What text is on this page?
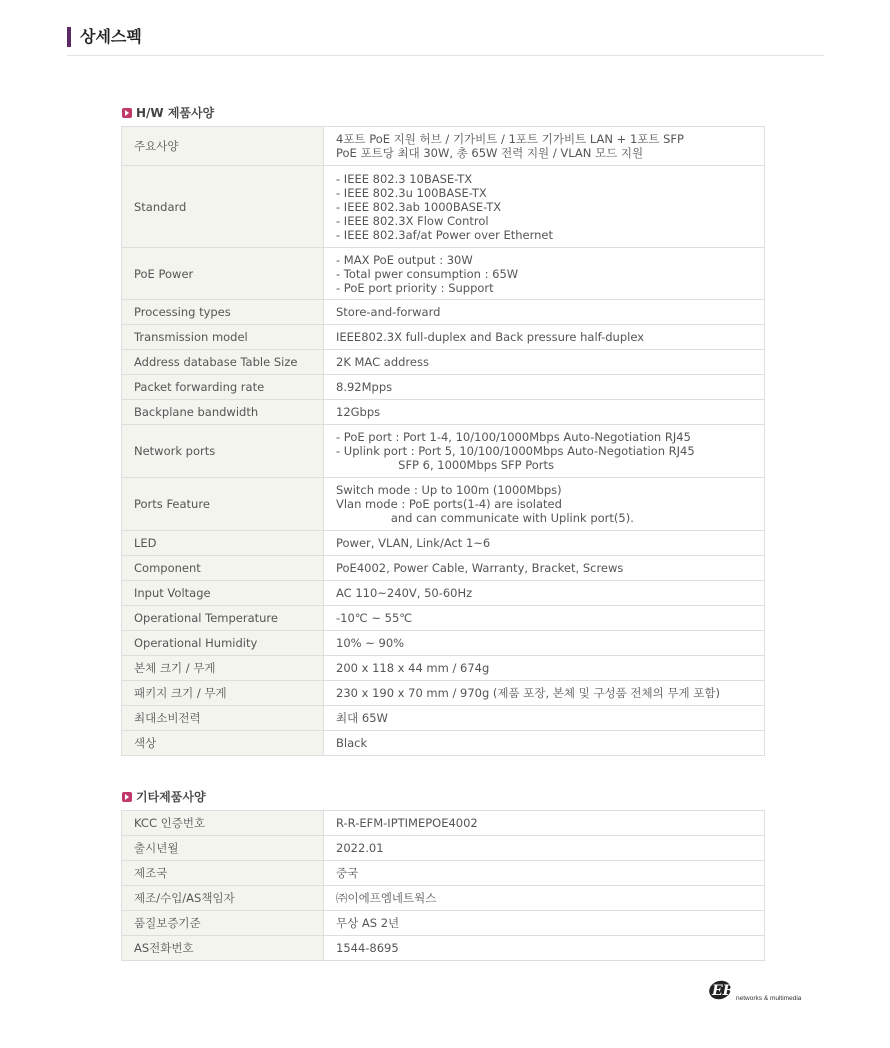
상세스펙
H/W 제품사양
주요사양	4포트 PoE 지원 허브 / 기가비트 / 1포트 기가비트 LAN + 1포트 SFP
PoE 포트당 최대 30W, 총 65W 전력 지원 / VLAN 모드 지원

Standard	- IEEE 802.3 10BASE-TX
- IEEE 802.3u 100BASE-TX
- IEEE 802.3ab 1000BASE-TX
- IEEE 802.3X Flow Control
- IEEE 802.3af/at Power over Ethernet

PoE Power	- MAX PoE output : 30W
- Total pwer consumption : 65W
- PoE port priority : Support

Processing types	Store-and-forward

Transmission model	IEEE802.3X full-duplex and Back pressure half-duplex

Address database Table Size	2K MAC address

Packet forwarding rate	8.92Mpps

Backplane bandwidth	12Gbps

Network ports	- PoE port : Port 1-4, 10/100/1000Mbps Auto-Negotiation RJ45
- Uplink port : Port 5, 10/100/1000Mbps Auto-Negotiation RJ45
SFP 6, 1000Mbps SFP Ports

Ports Feature	Switch mode : Up to 100m (1000Mbps)
Vlan mode : PoE ports(1-4) are isolated
and can communicate with Uplink port(5).

LED	Power, VLAN, Link/Act 1~6

Component	PoE4002, Power Cable, Warranty, Bracket, Screws

Input Voltage	AC 110~240V, 50-60Hz

Operational Temperature	-10℃ ~ 55℃

Operational Humidity	10% ~ 90%

본체 크기 / 무게	200 x 118 x 44 mm / 674g

패키지 크기 / 무게	230 x 190 x 70 mm / 970g (제품 포장, 본체 및 구성품 전체의 무게 포함)

최대소비전력	최대 65W

색상	Black
기타제품사양
KCC 인증번호	R-R-EFM-IPTIMEPOE4002

출시년월	2022.01

제조국	중국

제조/수입/AS책임자	㈜이에프엠네트웍스

품질보증기준	무상 AS 2년

AS전화번호	1544-8695
EFM
networks & multimedia
